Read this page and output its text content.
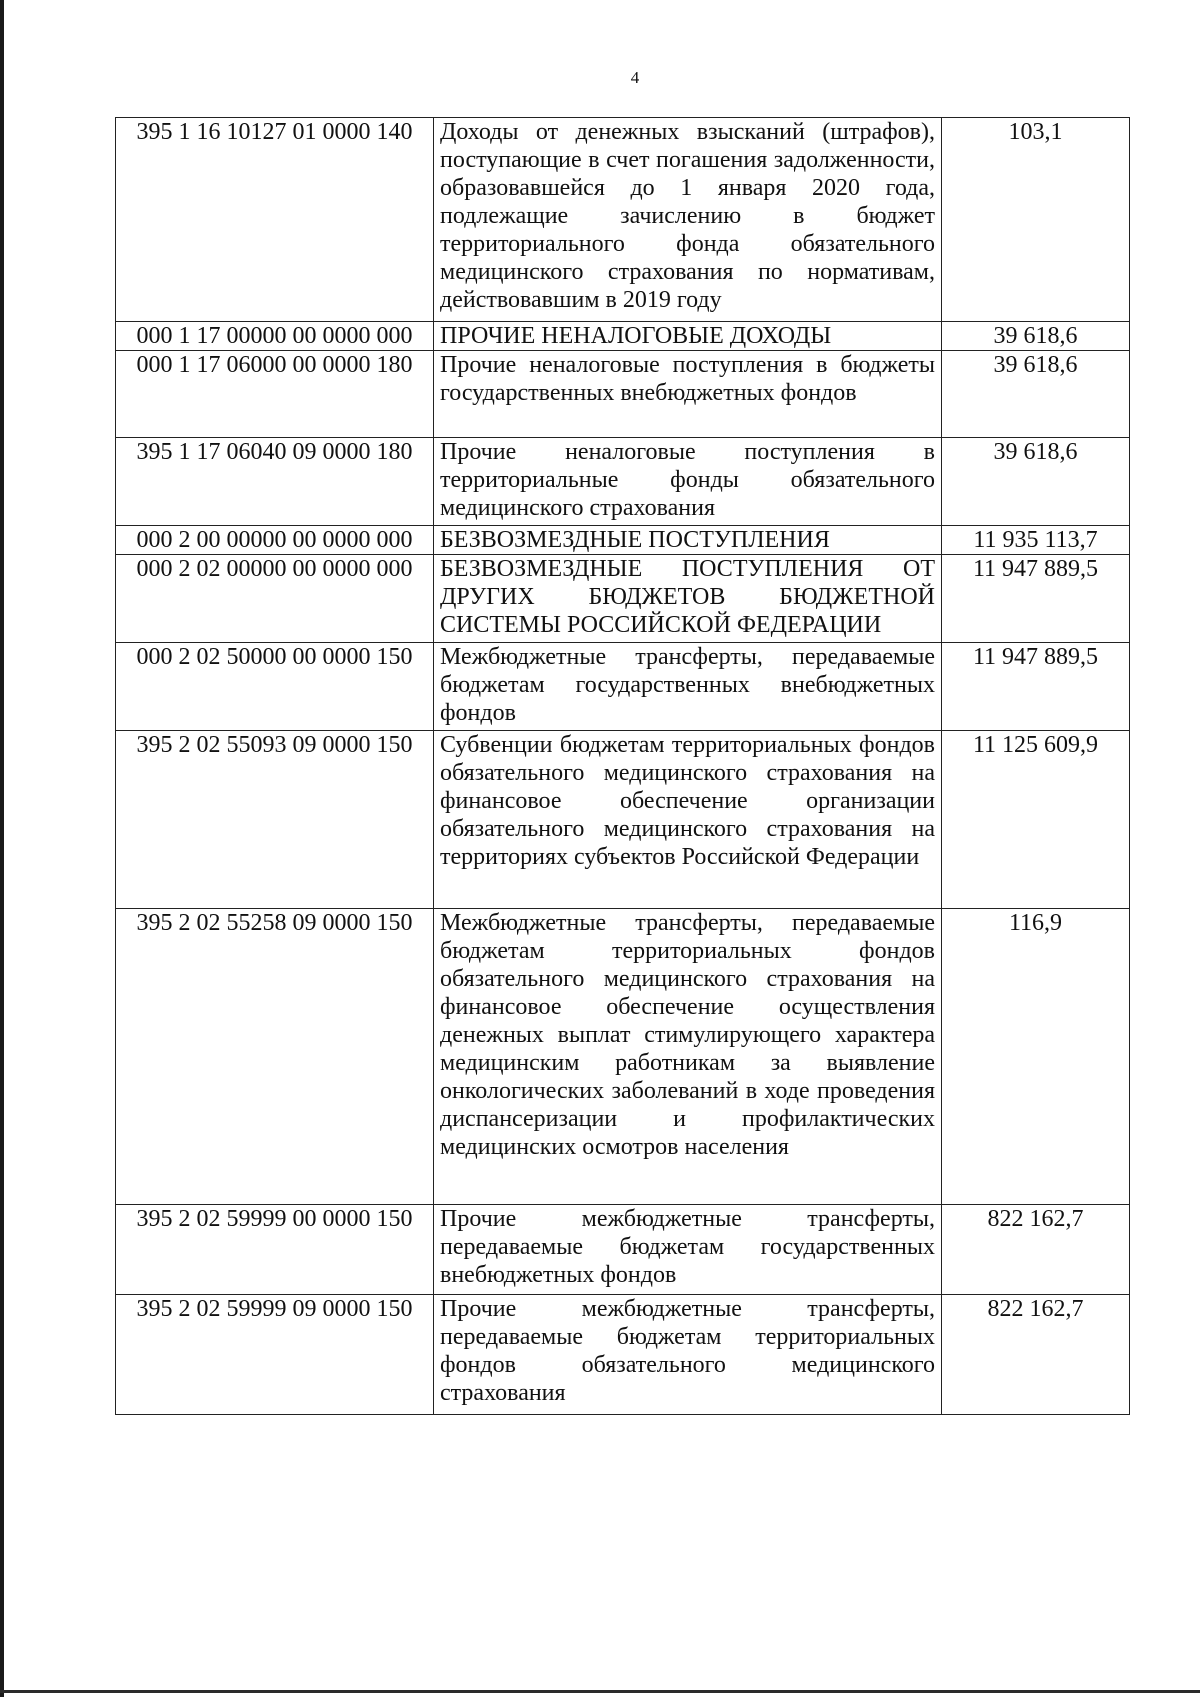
4
395 1 16 10127 01 0000 140	Доходы от денежных взысканий (штрафов), поступающие в счет погашения задолженности, образовавшейся до 1 января 2020 года, подлежащие зачислению в бюджет территориального фонда обязательного медицинского страхования по нормативам, действовавшим в 2019 году	103,1
000 1 17 00000 00 0000 000	ПРОЧИЕ НЕНАЛОГОВЫЕ ДОХОДЫ	39 618,6
000 1 17 06000 00 0000 180	Прочие неналоговые поступления в бюджеты государственных внебюджетных фондов	39 618,6
395 1 17 06040 09 0000 180	Прочие неналоговые поступления в территориальные фонды обязательного медицинского страхования	39 618,6
000 2 00 00000 00 0000 000	БЕЗВОЗМЕЗДНЫЕ ПОСТУПЛЕНИЯ	11 935 113,7
000 2 02 00000 00 0000 000	БЕЗВОЗМЕЗДНЫЕ ПОСТУПЛЕНИЯ ОТ ДРУГИХ БЮДЖЕТОВ БЮДЖЕТНОЙ СИСТЕМЫ РОССИЙСКОЙ ФЕДЕРАЦИИ	11 947 889,5
000 2 02 50000 00 0000 150	Межбюджетные трансферты, передаваемые бюджетам государственных внебюджетных фондов	11 947 889,5
395 2 02 55093 09 0000 150	Субвенции бюджетам территориальных фондов обязательного медицинского страхования на финансовое обеспечение организации обязательного медицинского страхования на территориях субъектов Российской Федерации	11 125 609,9
395 2 02 55258 09 0000 150	Межбюджетные трансферты, передаваемые бюджетам территориальных фондов обязательного медицинского страхования на финансовое обеспечение осуществления денежных выплат стимулирующего характера медицинским работникам за выявление онкологических заболеваний в ходе проведения диспансеризации и профилактических медицинских осмотров населения	116,9
395 2 02 59999 00 0000 150	Прочие межбюджетные трансферты, передаваемые бюджетам государственных внебюджетных фондов	822 162,7
395 2 02 59999 09 0000 150	Прочие межбюджетные трансферты, передаваемые бюджетам территориальных фондов обязательного медицинского страхования	822 162,7
